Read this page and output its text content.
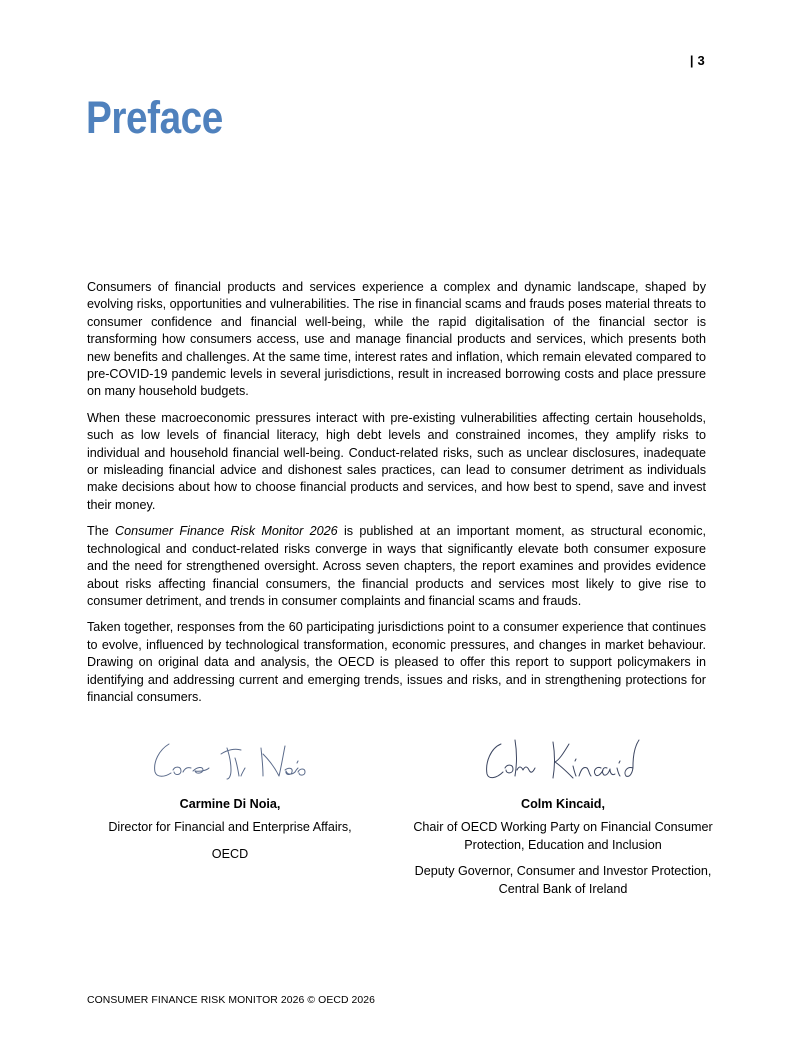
| 3
Preface

Consumers of financial products and services experience a complex and dynamic landscape, shaped by evolving risks, opportunities and vulnerabilities. The rise in financial scams and frauds poses material threats to consumer confidence and financial well-being, while the rapid digitalisation of the financial sector is transforming how consumers access, use and manage financial products and services, which presents both new benefits and challenges. At the same time, interest rates and inflation, which remain elevated compared to pre-COVID-19 pandemic levels in several jurisdictions, result in increased borrowing costs and place pressure on many household budgets.

When these macroeconomic pressures interact with pre-existing vulnerabilities affecting certain households, such as low levels of financial literacy, high debt levels and constrained incomes, they amplify risks to individual and household financial well-being. Conduct-related risks, such as unclear disclosures, inadequate or misleading financial advice and dishonest sales practices, can lead to consumer detriment as individuals make decisions about how to choose financial products and services, and how best to spend, save and invest their money.

The Consumer Finance Risk Monitor 2026 is published at an important moment, as structural economic, technological and conduct-related risks converge in ways that significantly elevate both consumer exposure and the need for strengthened oversight. Across seven chapters, the report examines and provides evidence about risks affecting financial consumers, the financial products and services most likely to give rise to consumer detriment, and trends in consumer complaints and financial scams and frauds.

Taken together, responses from the 60 participating jurisdictions point to a consumer experience that continues to evolve, influenced by technological transformation, economic pressures, and changes in market behaviour. Drawing on original data and analysis, the OECD is pleased to offer this report to support policymakers in identifying and addressing current and emerging trends, issues and risks, and in strengthening protections for financial consumers.

Carmine Di Noia,
Director for Financial and Enterprise Affairs,
OECD
Colm Kincaid,
Chair of OECD Working Party on Financial Consumer Protection, Education and Inclusion
Deputy Governor, Consumer and Investor Protection, Central Bank of Ireland
CONSUMER FINANCE RISK MONITOR 2026 © OECD 2026
